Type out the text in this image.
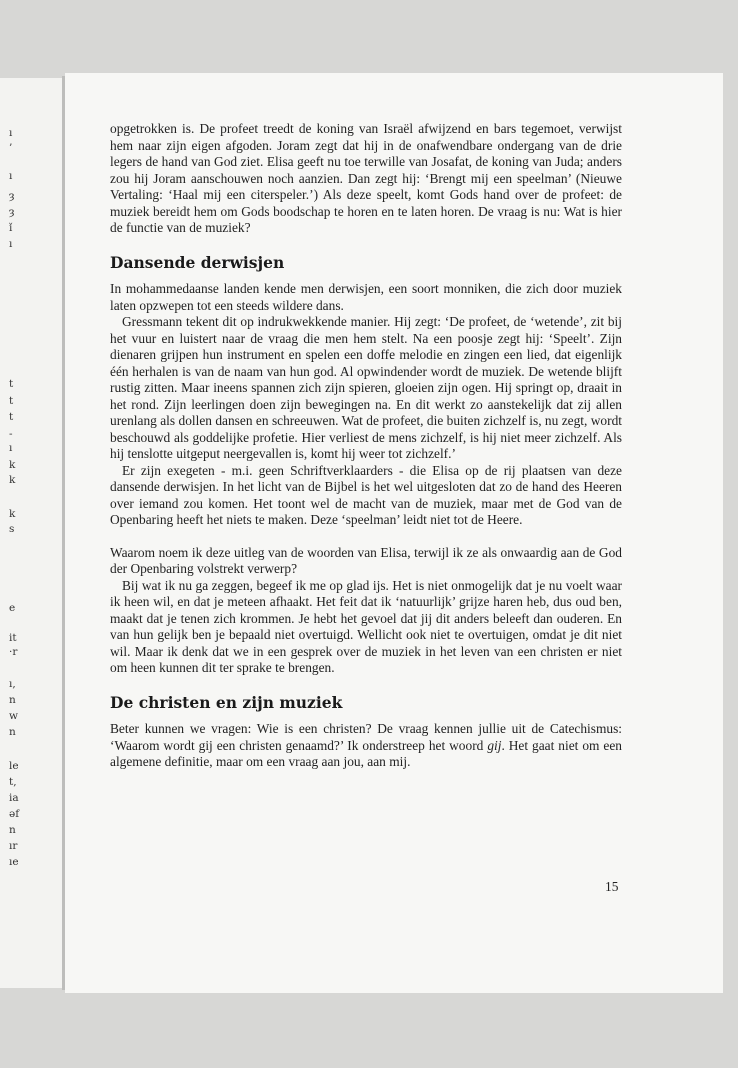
ı
’
ı
ȝ
ȝ
ǐ
ı
t
t
t
-
ı
k
k
k
s
e
it
·r
ı,
n
w
n
le
t,
ia
əf
n
ır
ıe

opgetrokken is. De profeet treedt de koning van Israël afwijzend en bars tegemoet, verwijst hem naar zijn eigen afgoden. Joram zegt dat hij in de onafwendbare ondergang van de drie legers de hand van God ziet. Elisa geeft nu toe terwille van Josafat, de koning van Juda; anders zou hij Joram aanschouwen noch aanzien. Dan zegt hij: ‘Brengt mij een speelman’ (Nieuwe Vertaling: ‘Haal mij een citerspeler.’) Als deze speelt, komt Gods hand over de profeet: de muziek bereidt hem om Gods boodschap te horen en te laten horen. De vraag is nu: Wat is hier de functie van de muziek?

Dansende derwisjen

In mohammedaanse landen kende men derwisjen, een soort monniken, die zich door muziek laten opzwepen tot een steeds wildere dans.

Gressmann tekent dit op indrukwekkende manier. Hij zegt: ‘De profeet, de ‘wetende’, zit bij het vuur en luistert naar de vraag die men hem stelt. Na een poosje zegt hij: ‘Speelt’. Zijn dienaren grijpen hun instrument en spelen een doffe melodie en zingen een lied, dat eigenlijk één herhalen is van de naam van hun god. Al opwindender wordt de muziek. De wetende blijft rustig zitten. Maar ineens spannen zich zijn spieren, gloeien zijn ogen. Hij springt op, draait in het rond. Zijn leerlingen doen zijn bewegingen na. En dit werkt zo aanstekelijk dat zij allen urenlang als dollen dansen en schreeuwen. Wat de profeet, die buiten zichzelf is, nu zegt, wordt beschouwd als goddelijke profetie. Hier verliest de mens zichzelf, is hij niet meer zichzelf. Als hij tenslotte uitgeput neergevallen is, komt hij weer tot zichzelf.’

Er zijn exegeten - m.i. geen Schriftverklaarders - die Elisa op de rij plaatsen van deze dansende derwisjen. In het licht van de Bijbel is het wel uitgesloten dat zo de hand des Heeren over iemand zou komen. Het toont wel de macht van de muziek, maar met de God van de Openbaring heeft het niets te maken. Deze ‘speelman’ leidt niet tot de Heere.

Waarom noem ik deze uitleg van de woorden van Elisa, terwijl ik ze als onwaardig aan de God der Openbaring volstrekt verwerp?

Bij wat ik nu ga zeggen, begeef ik me op glad ijs. Het is niet onmogelijk dat je nu voelt waar ik heen wil, en dat je meteen afhaakt. Het feit dat ik ‘natuurlijk’ grijze haren heb, dus oud ben, maakt dat je tenen zich krommen. Je hebt het gevoel dat jij dit anders beleeft dan ouderen. En van hun gelijk ben je bepaald niet overtuigd. Wellicht ook niet te overtuigen, omdat je dit niet wil. Maar ik denk dat we in een gesprek over de muziek in het leven van een christen er niet om heen kunnen dit ter sprake te brengen.

De christen en zijn muziek

Beter kunnen we vragen: Wie is een christen? De vraag kennen jullie uit de Catechismus: ‘Waarom wordt gij een christen genaamd?’ Ik onderstreep het woord gij. Het gaat niet om een algemene definitie, maar om een vraag aan jou, aan mij.

15
